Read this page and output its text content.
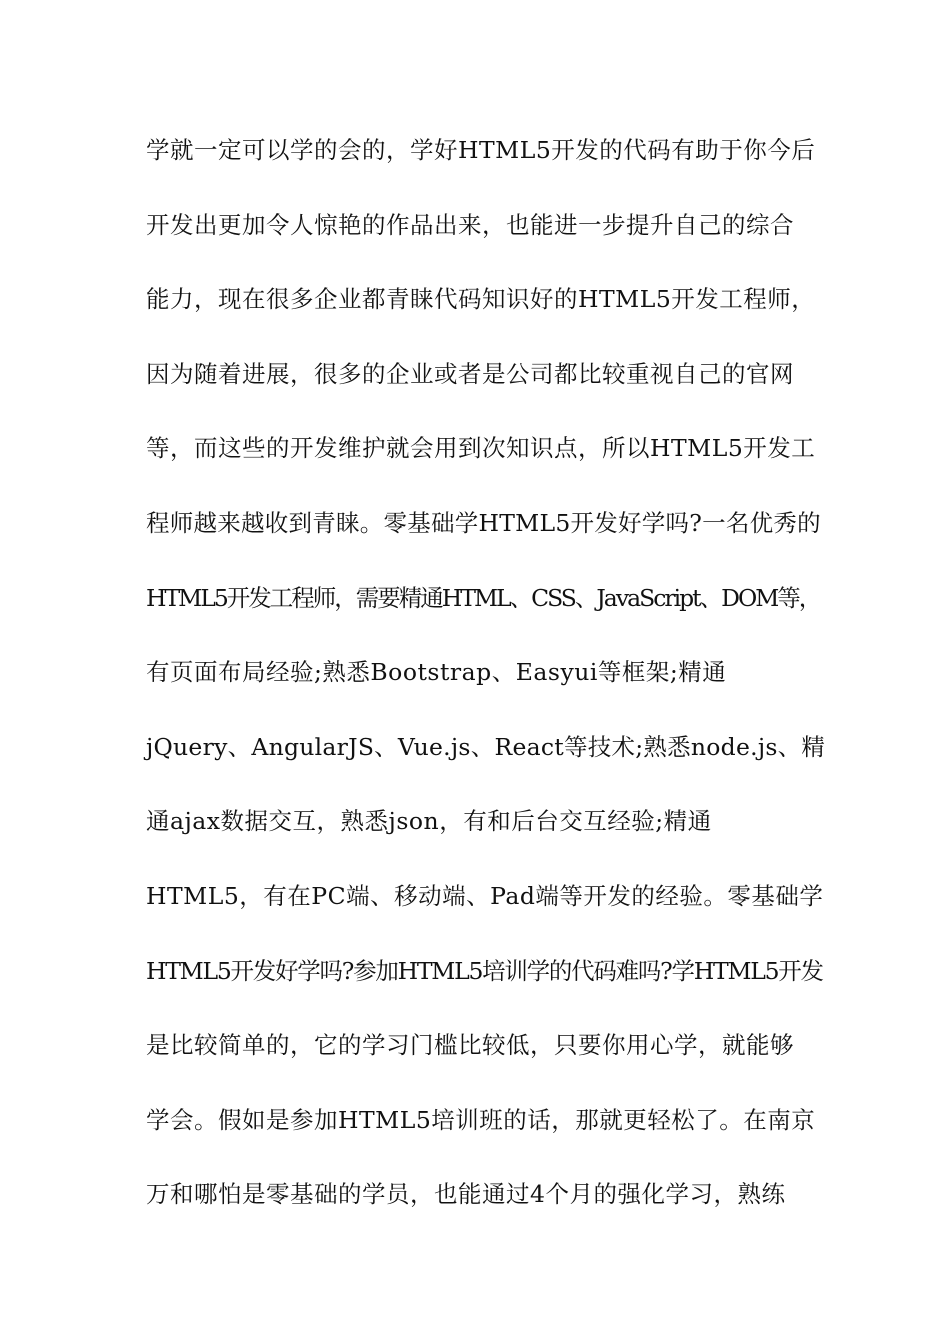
学就一定可以学的会的，学好HTML5开发的代码有助于你今后
开发出更加令人惊艳的作品出来，也能进一步提升自己的综合
能力，现在很多企业都青睐代码知识好的HTML5开发工程师，
因为随着进展，很多的企业或者是公司都比较重视自己的官网
等，而这些的开发维护就会用到次知识点，所以HTML5开发工
程师越来越收到青睐。零基础学HTML5开发好学吗?一名优秀的
HTML5开发工程师，需要精通HTML、CSS、JavaScript、DOM等，
有页面布局经验;熟悉Bootstrap、Easyui等框架;精通
jQuery、AngularJS、Vue.js、React等技术;熟悉node.js、精
通ajax数据交互，熟悉json，有和后台交互经验;精通
HTML5，有在PC端、移动端、Pad端等开发的经验。零基础学
HTML5开发好学吗?参加HTML5培训学的代码难吗?学HTML5开发
是比较简单的，它的学习门槛比较低，只要你用心学，就能够
学会。假如是参加HTML5培训班的话，那就更轻松了。在南京
万和哪怕是零基础的学员，也能通过4个月的强化学习，熟练
